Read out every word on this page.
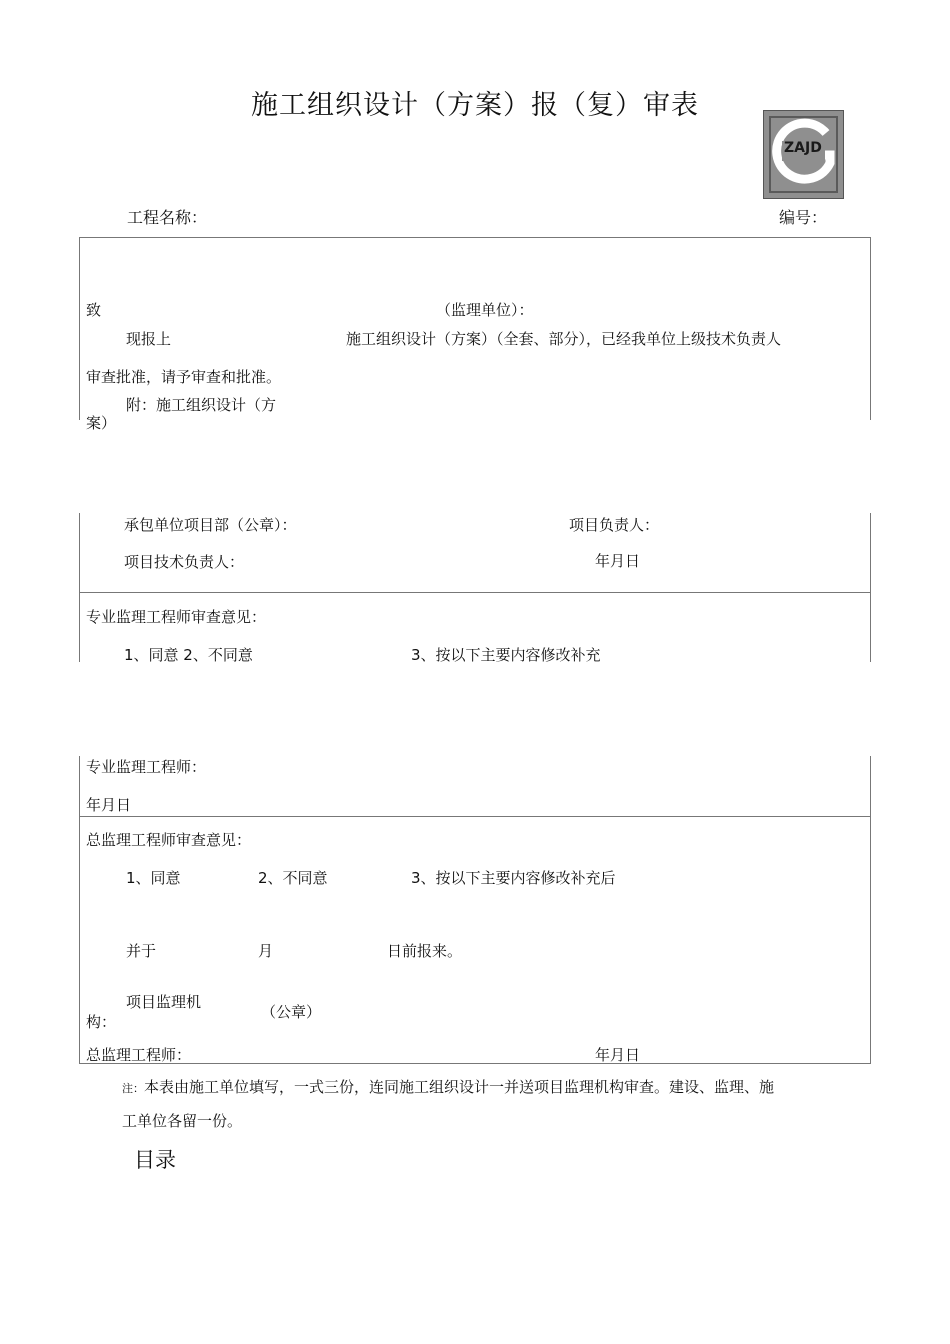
施工组织设计（方案）报（复）审表
ZAJD
工程名称：	编号：
致	（监理单位）：
现报上	施工组织设计（方案）（全套、部分），已经我单位上级技术负责人
审查批准，请予审查和批准。
附：施工组织设计（方
案）
承包单位项目部（公章）：	项目负责人：
项目技术负责人：	年月日
专业监理工程师审查意见：
1、同意 2、不同意	3、按以下主要内容修改补充
专业监理工程师：
年月日
总监理工程师审查意见：
1、同意	2、不同意	3、按以下主要内容修改补充后
并于	月	日前报来。
项目监理机
构：
（公章）
总监理工程师：	年月日
注： 本表由施工单位填写，一式三份，连同施工组织设计一并送项目监理机构审查。建设、监理、施
工单位各留一份。
目录
